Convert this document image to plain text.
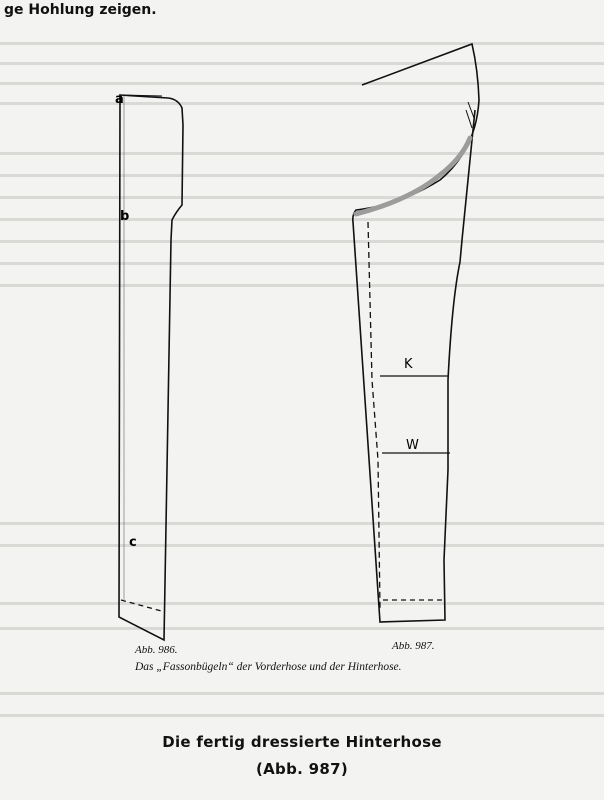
ge Hohlung zeigen.
a
b
c
K
W
Abb. 986.	Abb. 987.
Das „Fassonbügeln“ der Vorderhose und der Hinterhose.
Die fertig dressierte Hinterhose
(Abb. 987)
